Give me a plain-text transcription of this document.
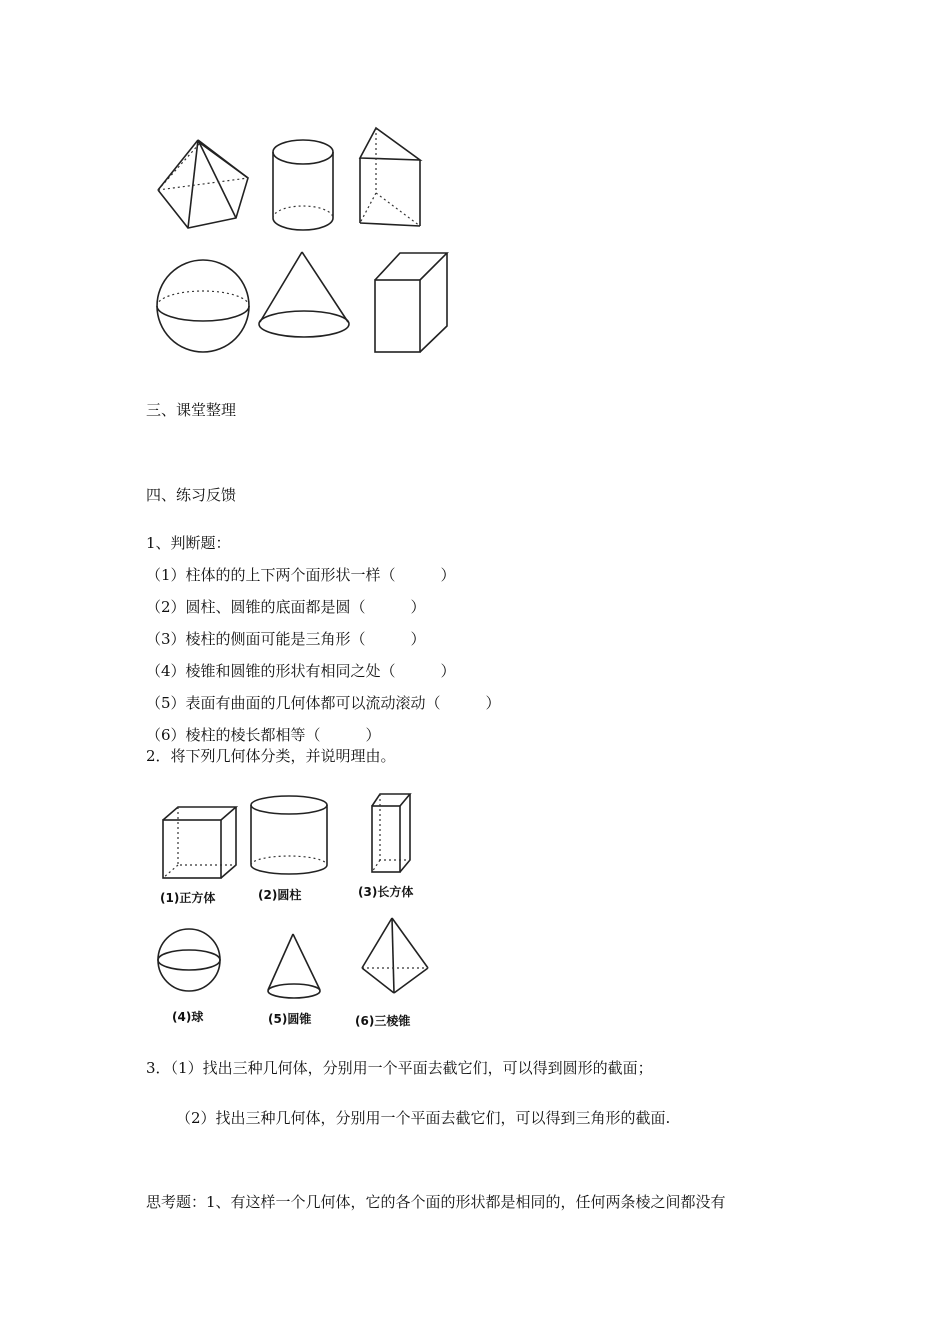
三、课堂整理
四、练习反馈
1、判断题：
（1）柱体的的上下两个面形状一样（　　　）
（2）圆柱、圆锥的底面都是圆（　　　）
（3）棱柱的侧面可能是三角形（　　　）
（4）棱锥和圆锥的形状有相同之处（　　　）
（5）表面有曲面的几何体都可以流动滚动（　　　）
（6）棱柱的棱长都相等（　　　）
2．将下列几何体分类，并说明理由。
(1)正方体	(2)圆柱	(3)长方体
(4)球	(5)圆锥	(6)三棱锥
3．（1）找出三种几何体，分别用一个平面去截它们，可以得到圆形的截面；
（2）找出三种几何体，分别用一个平面去截它们，可以得到三角形的截面.
思考题：1、有这样一个几何体，它的各个面的形状都是相同的，任何两条棱之间都没有
